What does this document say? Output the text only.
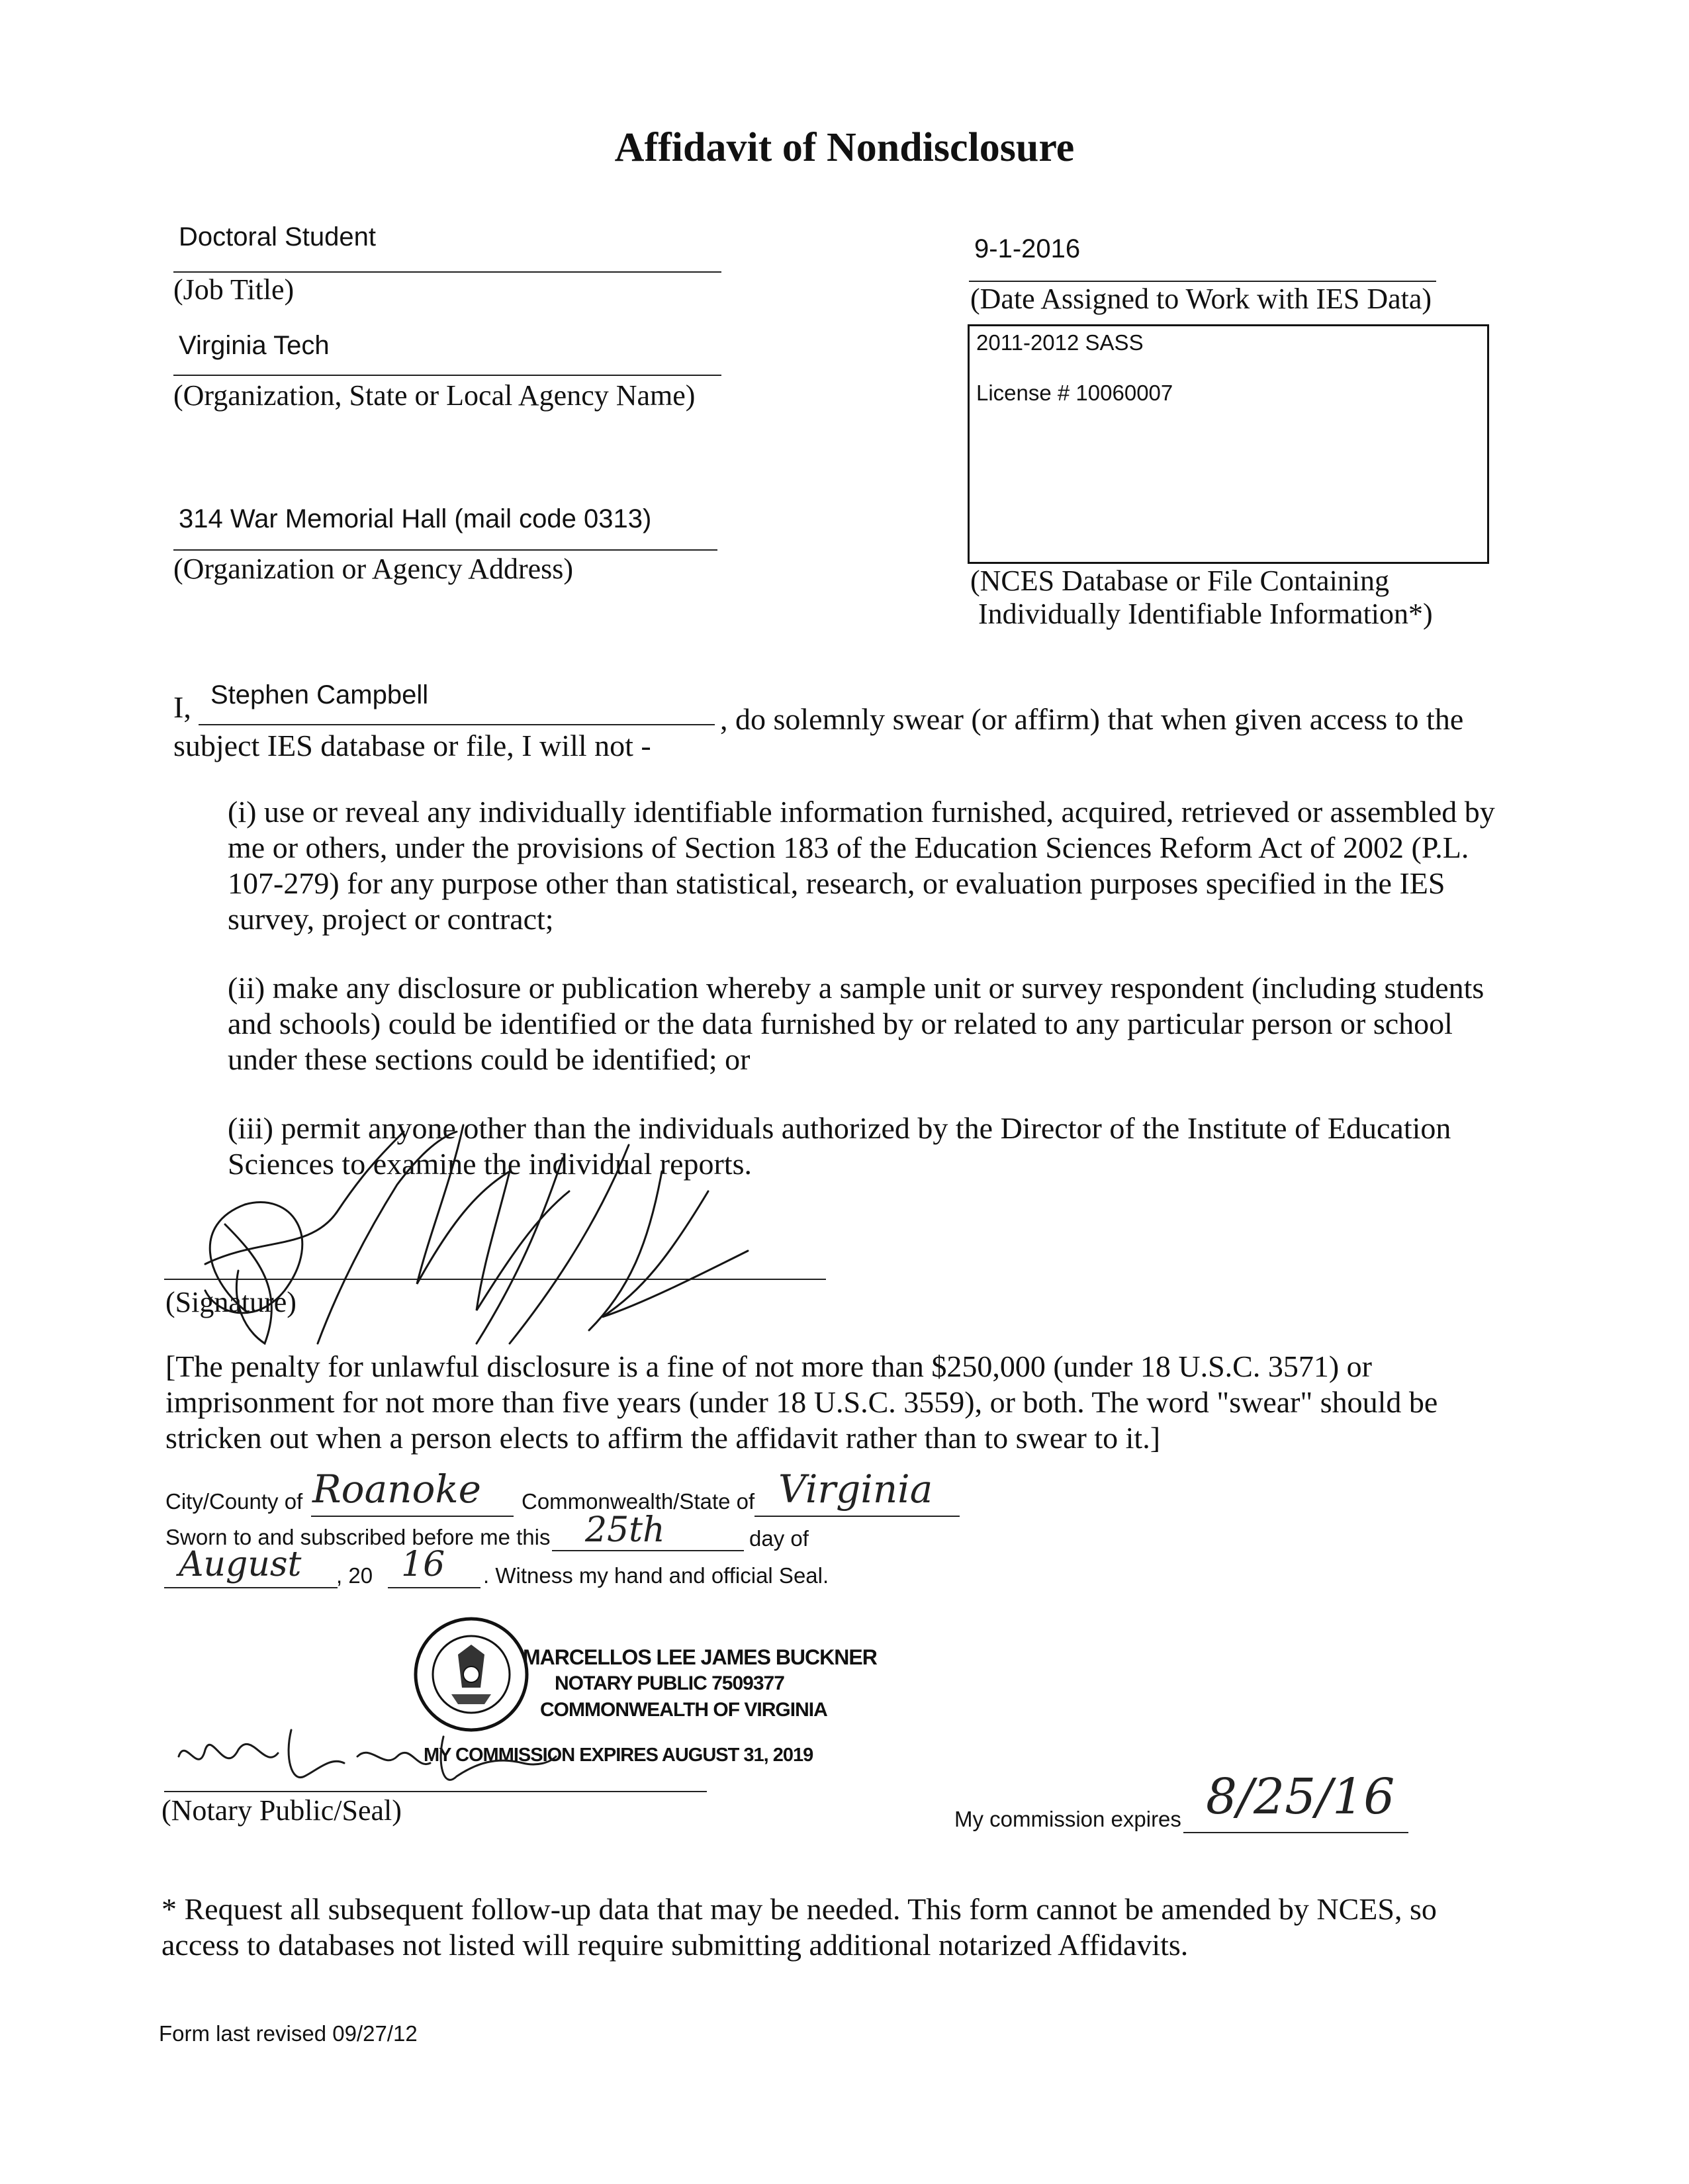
Affidavit of Nondisclosure
Doctoral Student
(Job Title)
Virginia Tech
(Organization, State or Local Agency Name)
314 War Memorial Hall (mail code 0313)
(Organization or Agency Address)
9-1-2016
(Date Assigned to Work with IES Data)
2011-2012 SASS
License # 10060007
(NCES Database or File Containing
Individually Identifiable Information*)
I, Stephen Campbell
, do solemnly swear (or affirm) that when given access to the
subject IES database or file, I will not -
(i) use or reveal any individually identifiable information furnished, acquired, retrieved or assembled by me or others, under the provisions of Section 183 of the Education Sciences Reform Act of 2002 (P.L. 107-279) for any purpose other than statistical, research, or evaluation purposes specified in the IES survey, project or contract;
(ii) make any disclosure or publication whereby a sample unit or survey respondent (including students and schools) could be identified or the data furnished by or related to any particular person or school under these sections could be identified; or
(iii) permit anyone other than the individuals authorized by the Director of the Institute of Education Sciences to examine the individual reports.
(Signature)
[The penalty for unlawful disclosure is a fine of not more than $250,000 (under 18 U.S.C. 3571) or imprisonment for not more than five years (under 18 U.S.C. 3559), or both. The word "swear" should be stricken out when a person elects to affirm the affidavit rather than to swear to it.]
City/County of Roanoke Commonwealth/State of Virginia
Sworn to and subscribed before me this 25th	day of
August , 20 16 . Witness my hand and official Seal.
MARCELLOS LEE JAMES BUCKNER
NOTARY PUBLIC 7509377
COMMONWEALTH OF VIRGINIA
MY COMMISSION EXPIRES AUGUST 31, 2019
(Notary Public/Seal)	My commission expires 8/25/16
* Request all subsequent follow-up data that may be needed. This form cannot be amended by NCES, so access to databases not listed will require submitting additional notarized Affidavits.
Form last revised 09/27/12
